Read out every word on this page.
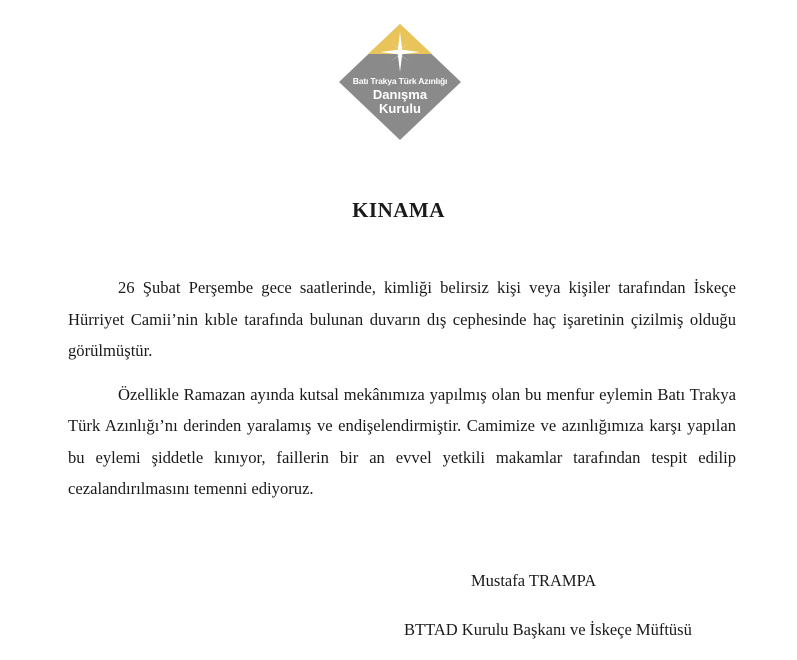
Batı Trakya Türk Azınlığı
Danışma
Kurulu
KINAMA

26 Şubat Perşembe gece saatlerinde, kimliği belirsiz kişi veya kişiler tarafından İskeçe Hürriyet Camii’nin kıble tarafında bulunan duvarın dış cephesinde haç işaretinin çizilmiş olduğu görülmüştür.

Özellikle Ramazan ayında kutsal mekânımıza yapılmış olan bu menfur eylemin Batı Trakya Türk Azınlığı’nı derinden yaralamış ve endişelendirmiştir. Camimize ve azınlığımıza karşı yapılan bu eylemi şiddetle kınıyor, faillerin bir an evvel yetkili makamlar tarafından tespit edilip cezalandırılmasını temenni ediyoruz.

Mustafa TRAMPA

BTTAD Kurulu Başkanı ve İskeçe Müftüsü
